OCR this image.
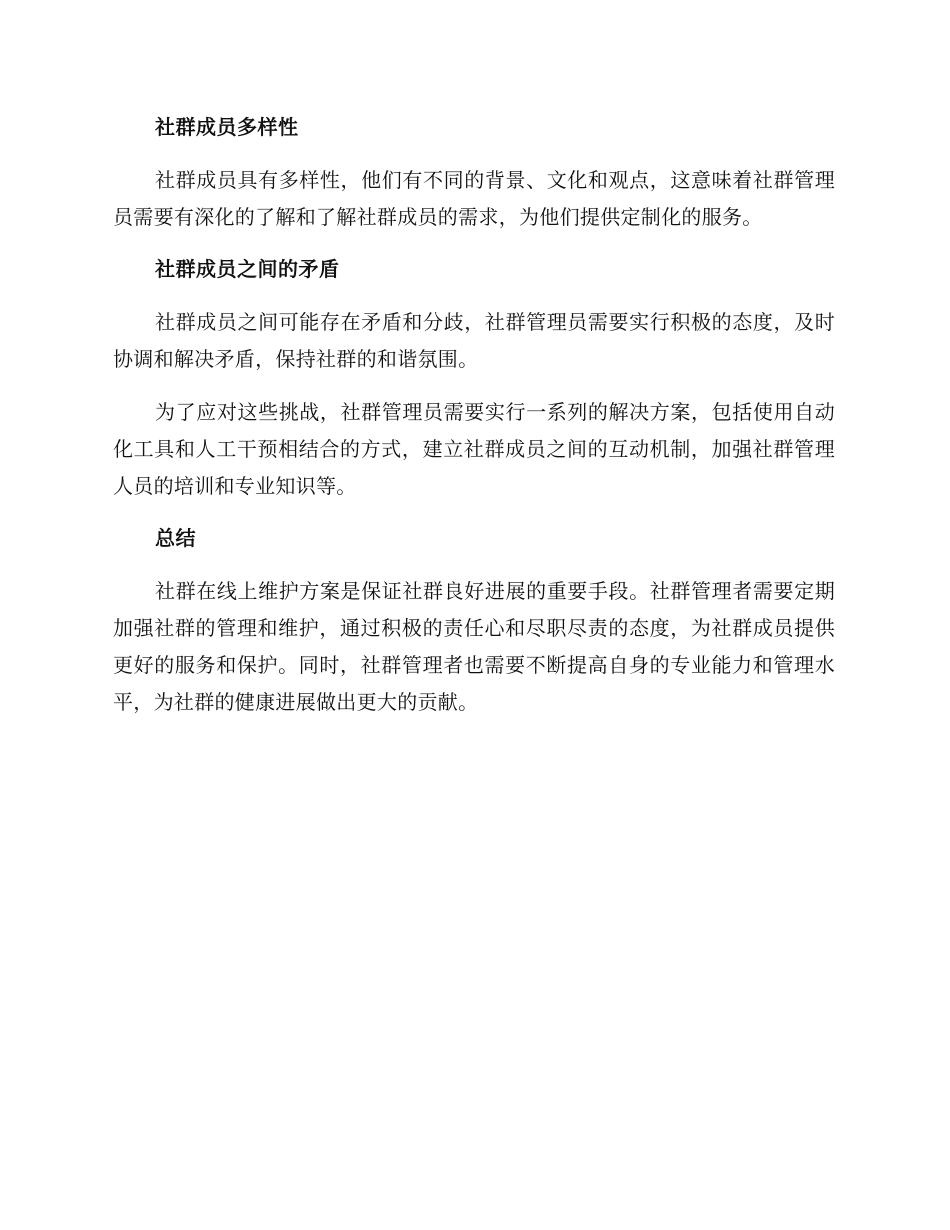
社群成员多样性

社群成员具有多样性，他们有不同的背景、文化和观点，这意味着社群管理员需要有深化的了解和了解社群成员的需求，为他们提供定制化的服务。

社群成员之间的矛盾

社群成员之间可能存在矛盾和分歧，社群管理员需要实行积极的态度，及时协调和解决矛盾，保持社群的和谐氛围。

为了应对这些挑战，社群管理员需要实行一系列的解决方案，包括使用自动化工具和人工干预相结合的方式，建立社群成员之间的互动机制，加强社群管理人员的培训和专业知识等。

总结

社群在线上维护方案是保证社群良好进展的重要手段。社群管理者需要定期加强社群的管理和维护，通过积极的责任心和尽职尽责的态度，为社群成员提供更好的服务和保护。同时，社群管理者也需要不断提高自身的专业能力和管理水平，为社群的健康进展做出更大的贡献。
